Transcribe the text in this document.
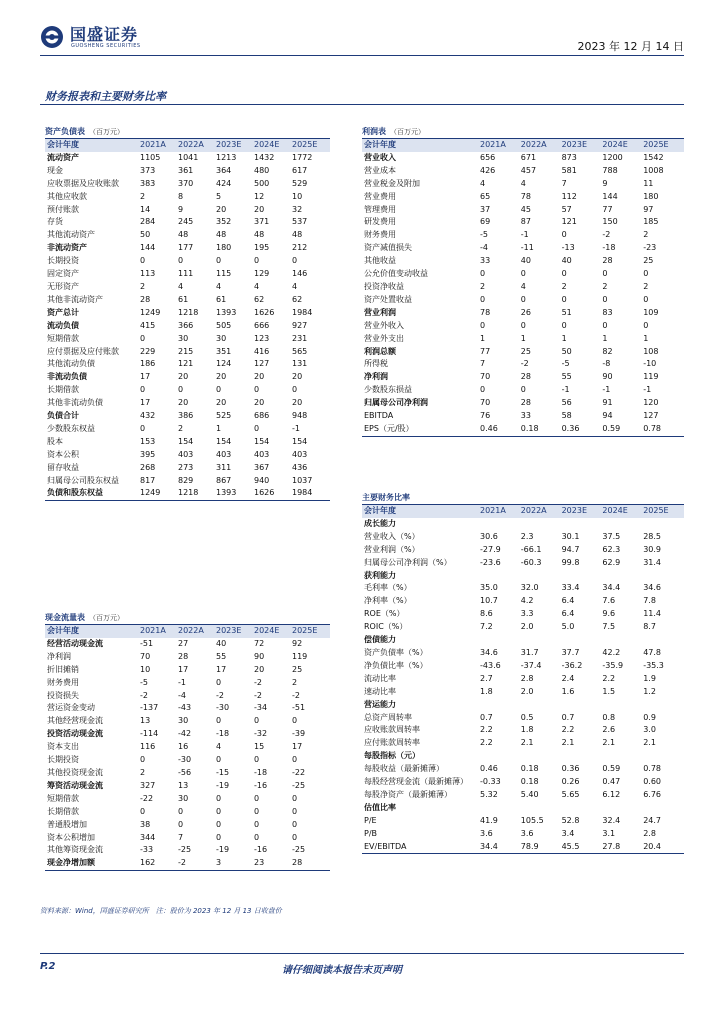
国盛证券
GUOSHENG SECURITIES	2023 年 12 月 14 日
财务报表和主要财务比率
资产负债表 （百万元）
会计年度	2021A	2022A	2023E	2024E	2025E
流动资产	1105	1041	1213	1432	1772
现金	373	361	364	480	617
应收票据及应收账款	383	370	424	500	529
其他应收款	2	8	5	12	10
预付账款	14	9	20	20	32
存货	284	245	352	371	537
其他流动资产	50	48	48	48	48
非流动资产	144	177	180	195	212
长期投资	0	0	0	0	0
固定资产	113	111	115	129	146
无形资产	2	4	4	4	4
其他非流动资产	28	61	61	62	62
资产总计	1249	1218	1393	1626	1984
流动负债	415	366	505	666	927
短期借款	0	30	30	123	231
应付票据及应付账款	229	215	351	416	565
其他流动负债	186	121	124	127	131
非流动负债	17	20	20	20	20
长期借款	0	0	0	0	0
其他非流动负债	17	20	20	20	20
负债合计	432	386	525	686	948
少数股东权益	0	2	1	0	-1
股本	153	154	154	154	154
资本公积	395	403	403	403	403
留存收益	268	273	311	367	436
归属母公司股东权益	817	829	867	940	1037
负债和股东权益	1249	1218	1393	1626	1984
利润表 （百万元）
会计年度	2021A	2022A	2023E	2024E	2025E
营业收入	656	671	873	1200	1542
营业成本	426	457	581	788	1008
营业税金及附加	4	4	7	9	11
营业费用	65	78	112	144	180
管理费用	37	45	57	77	97
研发费用	69	87	121	150	185
财务费用	-5	-1	0	-2	2
资产减值损失	-4	-11	-13	-18	-23
其他收益	33	40	40	28	25
公允价值变动收益	0	0	0	0	0
投资净收益	2	4	2	2	2
资产处置收益	0	0	0	0	0
营业利润	78	26	51	83	109
营业外收入	0	0	0	0	0
营业外支出	1	1	1	1	1
利润总额	77	25	50	82	108
所得税	7	-2	-5	-8	-10
净利润	70	28	55	90	119
少数股东损益	0	0	-1	-1	-1
归属母公司净利润	70	28	56	91	120
EBITDA	76	33	58	94	127
EPS（元/股）	0.46	0.18	0.36	0.59	0.78
主要财务比率
会计年度	2021A	2022A	2023E	2024E	2025E
成长能力					
营业收入（%）	30.6	2.3	30.1	37.5	28.5
营业利润（%）	-27.9	-66.1	94.7	62.3	30.9
归属母公司净利润（%）	-23.6	-60.3	99.8	62.9	31.4
获利能力					
毛利率（%）	35.0	32.0	33.4	34.4	34.6
净利率（%）	10.7	4.2	6.4	7.6	7.8
ROE（%）	8.6	3.3	6.4	9.6	11.4
ROIC（%）	7.2	2.0	5.0	7.5	8.7
偿债能力					
资产负债率（%）	34.6	31.7	37.7	42.2	47.8
净负债比率（%）	-43.6	-37.4	-36.2	-35.9	-35.3
流动比率	2.7	2.8	2.4	2.2	1.9
速动比率	1.8	2.0	1.6	1.5	1.2
营运能力					
总资产周转率	0.7	0.5	0.7	0.8	0.9
应收账款周转率	2.2	1.8	2.2	2.6	3.0
应付账款周转率	2.2	2.1	2.1	2.1	2.1
每股指标（元）					
每股收益（最新摊薄）	0.46	0.18	0.36	0.59	0.78
每股经营现金流（最新摊薄）	-0.33	0.18	0.26	0.47	0.60
每股净资产（最新摊薄）	5.32	5.40	5.65	6.12	6.76
估值比率					
P/E	41.9	105.5	52.8	32.4	24.7
P/B	3.6	3.6	3.4	3.1	2.8
EV/EBITDA	34.4	78.9	45.5	27.8	20.4
现金流量表 （百万元）
会计年度	2021A	2022A	2023E	2024E	2025E
经营活动现金流	-51	27	40	72	92
净利润	70	28	55	90	119
折旧摊销	10	17	17	20	25
财务费用	-5	-1	0	-2	2
投资损失	-2	-4	-2	-2	-2
营运资金变动	-137	-43	-30	-34	-51
其他经营现金流	13	30	0	0	0
投资活动现金流	-114	-42	-18	-32	-39
资本支出	116	16	4	15	17
长期投资	0	-30	0	0	0
其他投资现金流	2	-56	-15	-18	-22
筹资活动现金流	327	13	-19	-16	-25
短期借款	-22	30	0	0	0
长期借款	0	0	0	0	0
普通股增加	38	0	0	0	0
资本公积增加	344	7	0	0	0
其他筹资现金流	-33	-25	-19	-16	-25
现金净增加额	162	-2	3	23	28
资料来源：Wind，国盛证券研究所　注：股价为 2023 年 12 月 13 日收盘价
P.2	请仔细阅读本报告末页声明
